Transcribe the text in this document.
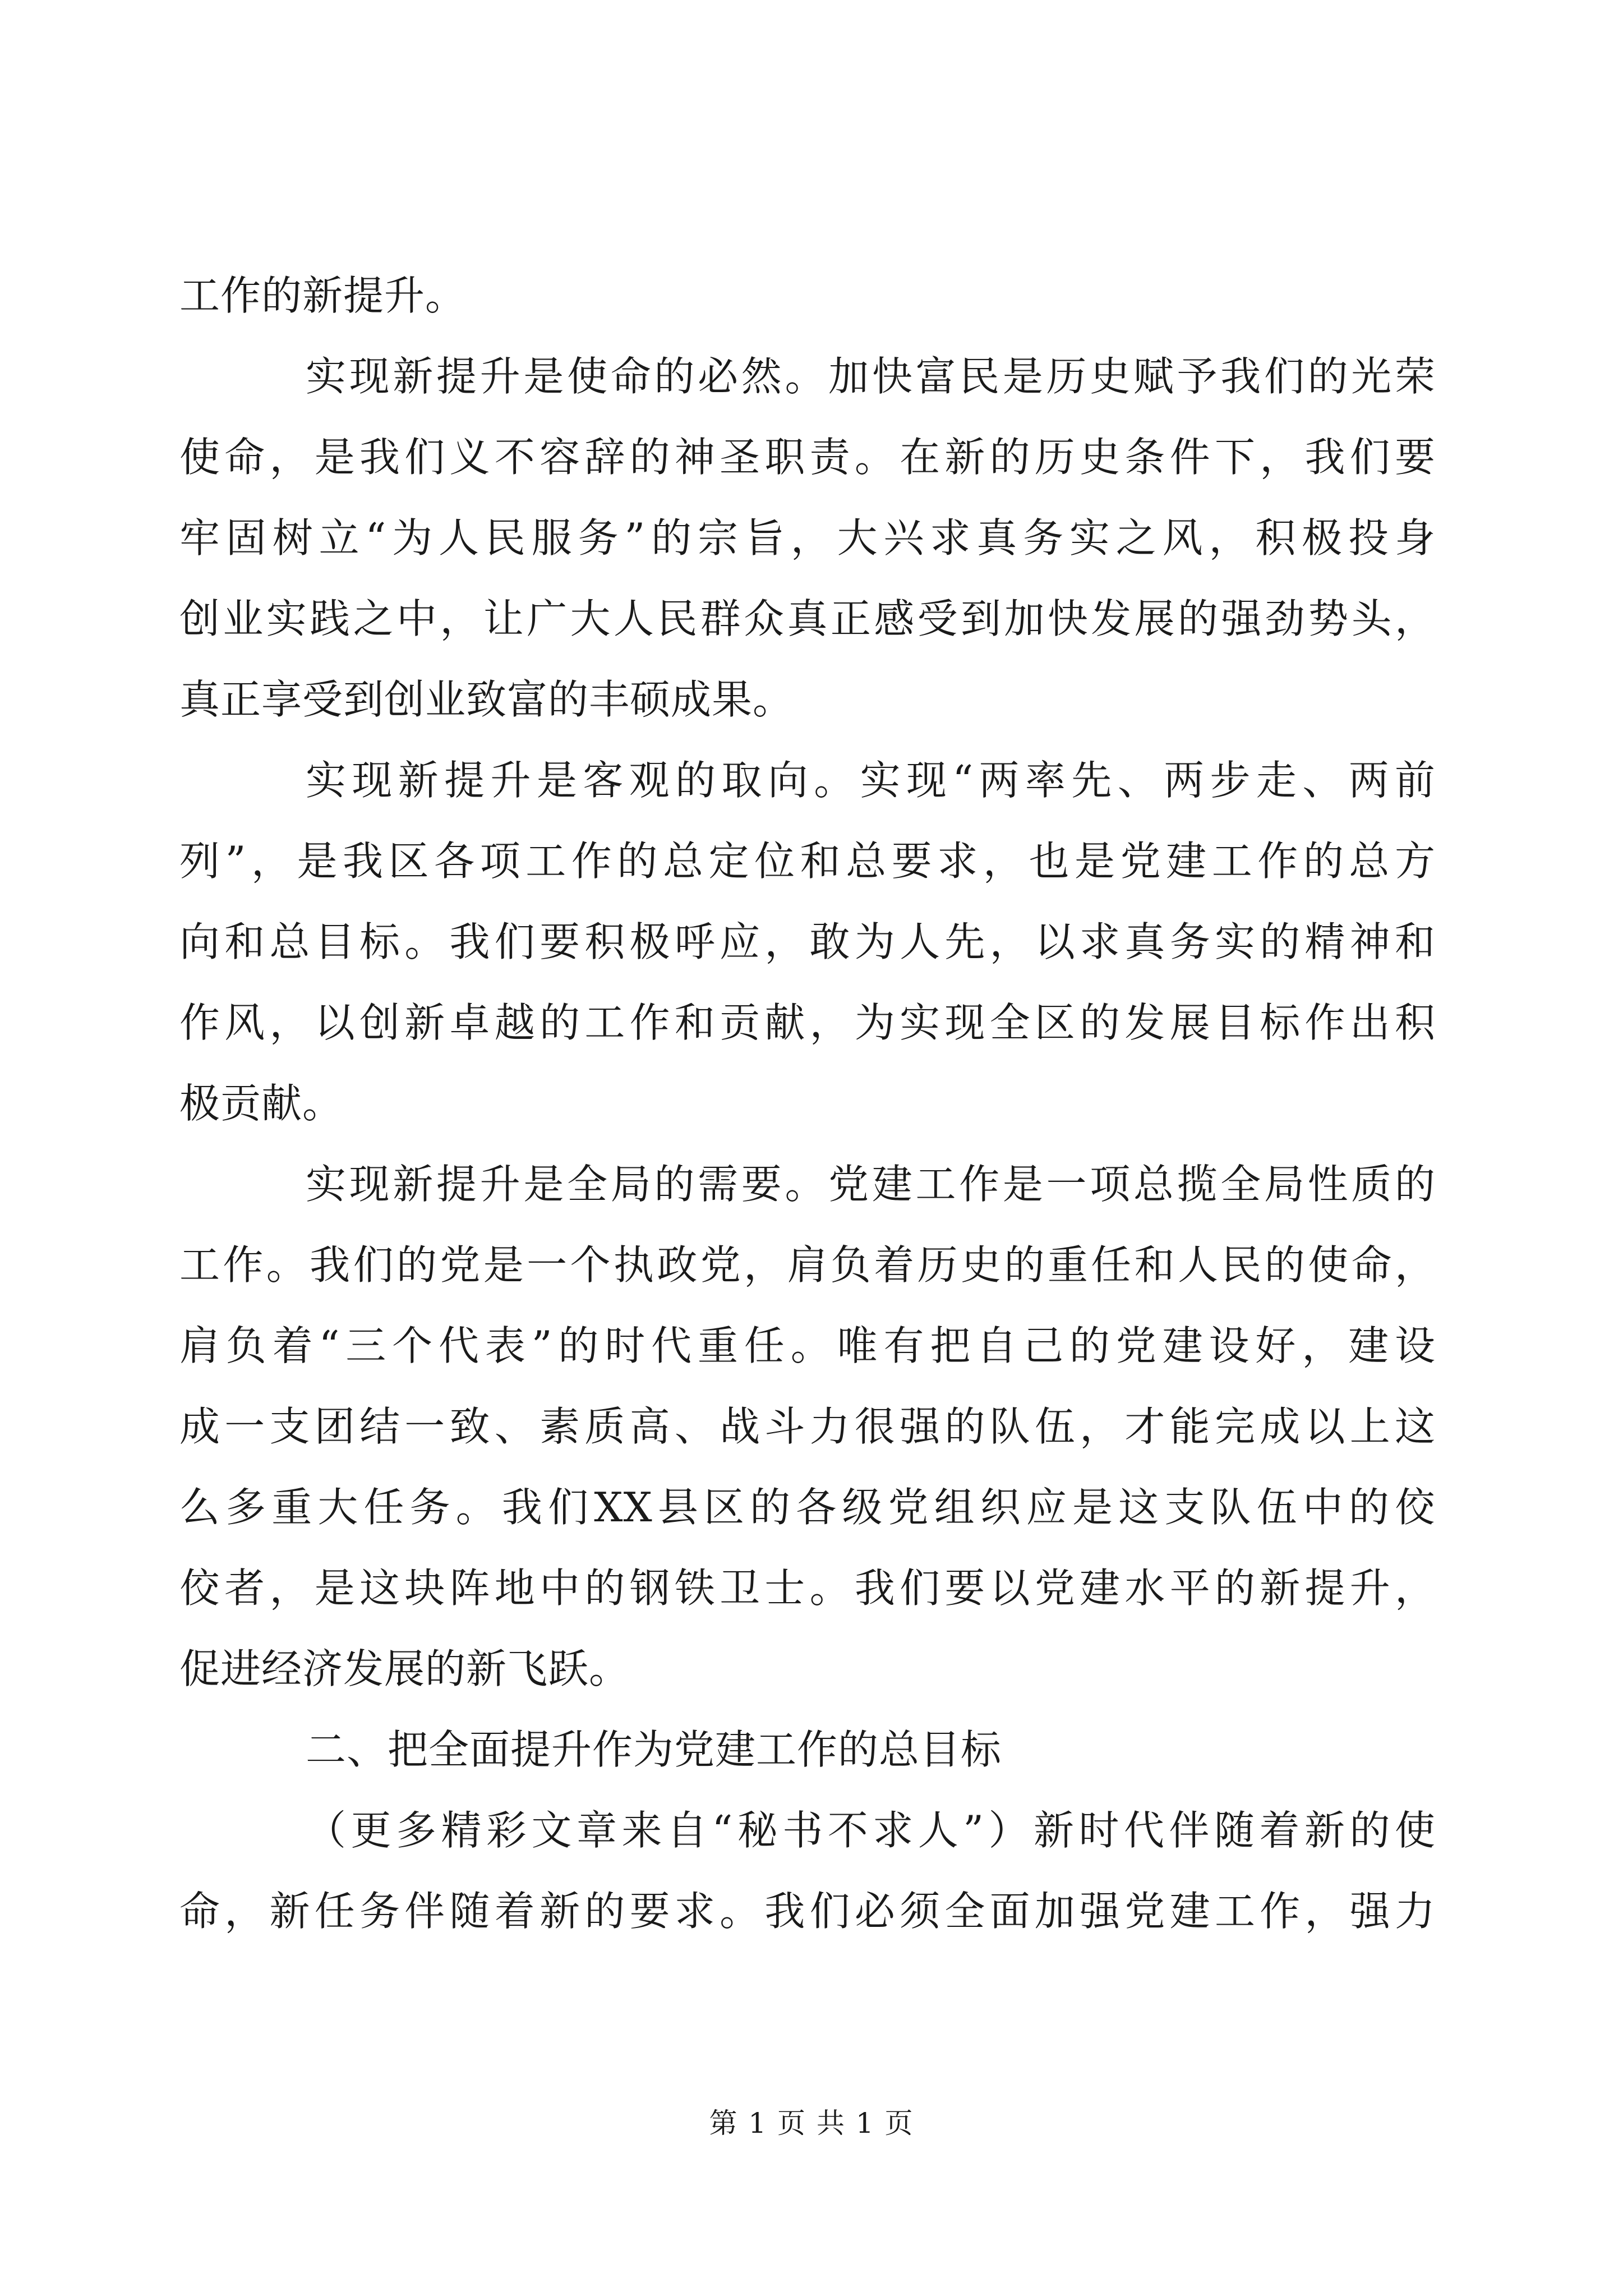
工作的新提升。
实现新提升是使命的必然。加快富民是历史赋予我们的光荣
使命，是我们义不容辞的神圣职责。在新的历史条件下，我们要
牢固树立“为人民服务”的宗旨，大兴求真务实之风，积极投身
创业实践之中，让广大人民群众真正感受到加快发展的强劲势头，
真正享受到创业致富的丰硕成果。
实现新提升是客观的取向。实现“两率先、两步走、两前
列”，是我区各项工作的总定位和总要求，也是党建工作的总方
向和总目标。我们要积极呼应，敢为人先，以求真务实的精神和
作风，以创新卓越的工作和贡献，为实现全区的发展目标作出积
极贡献。
实现新提升是全局的需要。党建工作是一项总揽全局性质的
工作。我们的党是一个执政党，肩负着历史的重任和人民的使命，
肩负着“三个代表”的时代重任。唯有把自己的党建设好，建设
成一支团结一致、素质高、战斗力很强的队伍，才能完成以上这
么多重大任务。我们XX县区的各级党组织应是这支队伍中的佼
佼者，是这块阵地中的钢铁卫士。我们要以党建水平的新提升，
促进经济发展的新飞跃。
二、把全面提升作为党建工作的总目标
（更多精彩文章来自“秘书不求人”）新时代伴随着新的使
命，新任务伴随着新的要求。我们必须全面加强党建工作，强力
第 1 页 共 1 页
